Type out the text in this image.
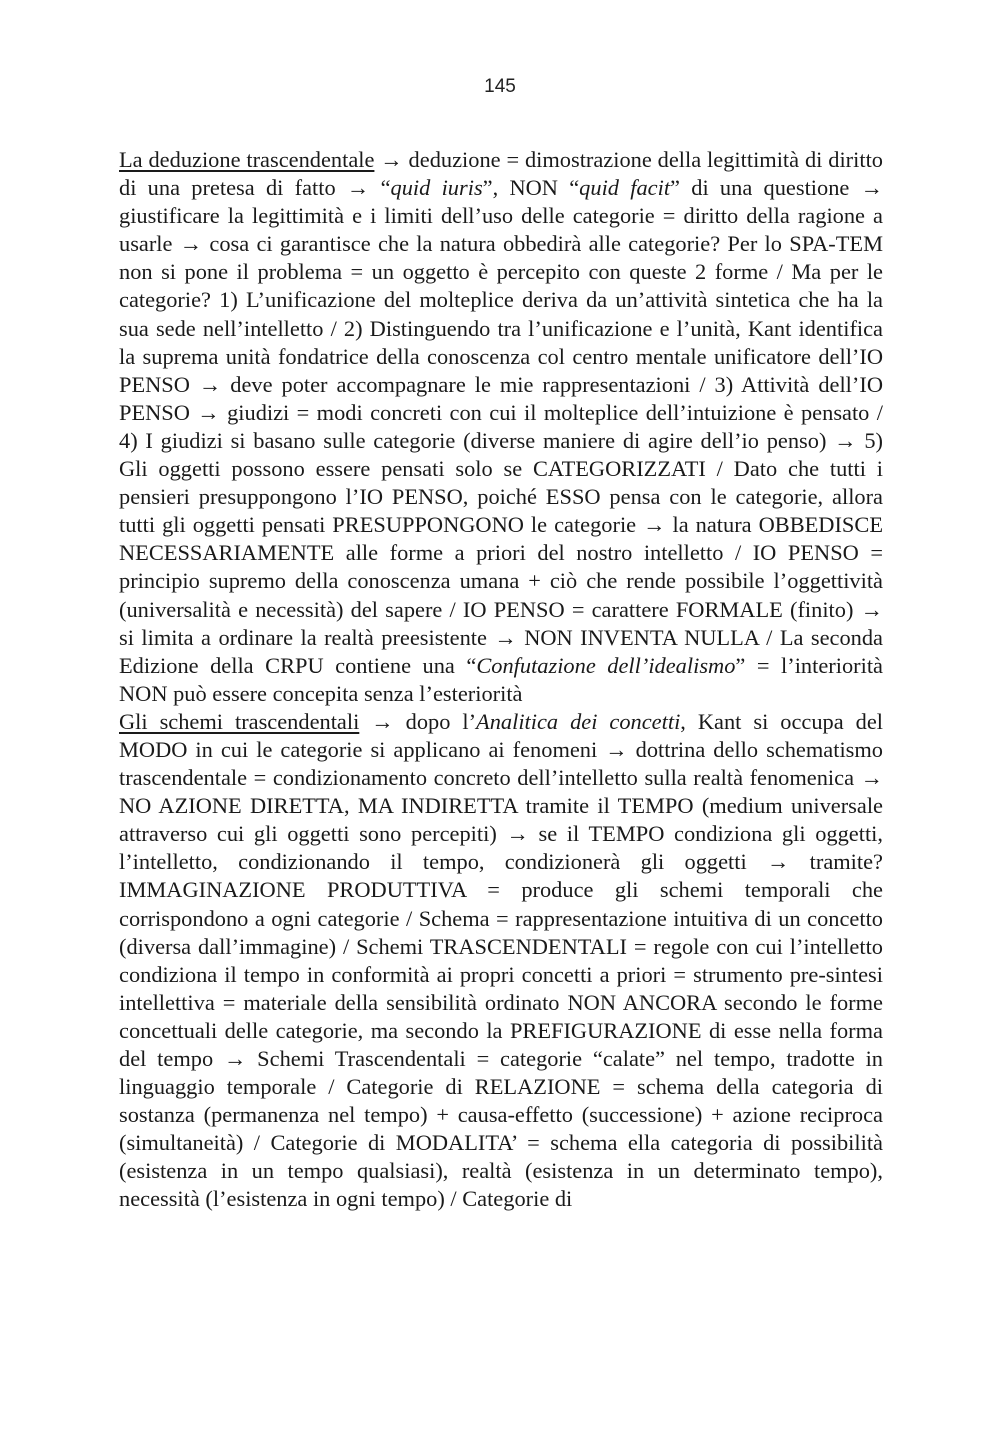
145

La deduzione trascendentale → deduzione = dimostrazione della legittimità di diritto di una pretesa di fatto → “quid iuris”, NON “quid facit” di una questione → giustificare la legittimità e i limiti dell’uso delle categorie = diritto della ragione a usarle → cosa ci garantisce che la natura obbedirà alle categorie? Per lo SPA-TEM non si pone il problema = un oggetto è percepito con queste 2 forme / Ma per le categorie? 1) L’unificazione del molteplice deriva da un’attività sintetica che ha la sua sede nell’intelletto / 2) Distinguendo tra l’unificazione e l’unità, Kant identifica la suprema unità fondatrice della conoscenza col centro mentale unificatore dell’IO PENSO → deve poter accompagnare le mie rappresentazioni / 3) Attività dell’IO PENSO → giudizi = modi concreti con cui il molteplice dell’intuizione è pensato / 4) I giudizi si basano sulle categorie (diverse maniere di agire dell’io penso) → 5) Gli oggetti possono essere pensati solo se CATEGORIZZATI / Dato che tutti i pensieri presuppongono l’IO PENSO, poiché ESSO pensa con le categorie, allora tutti gli oggetti pensati PRESUPPONGONO le categorie → la natura OBBEDISCE NECESSARIAMENTE alle forme a priori del nostro intelletto / IO PENSO = principio supremo della conoscenza umana + ciò che rende possibile l’oggettività (universalità e necessità) del sapere / IO PENSO = carattere FORMALE (finito) → si limita a ordinare la realtà preesistente → NON INVENTA NULLA / La seconda Edizione della CRPU contiene una “Confutazione dell’idealismo” = l’interiorità NON può essere concepita senza l’esteriorità

Gli schemi trascendentali → dopo l’Analitica dei concetti, Kant si occupa del MODO in cui le categorie si applicano ai fenomeni → dottrina dello schematismo trascendentale = condizionamento concreto dell’intelletto sulla realtà fenomenica → NO AZIONE DIRETTA, MA INDIRETTA tramite il TEMPO (medium universale attraverso cui gli oggetti sono percepiti) → se il TEMPO condiziona gli oggetti, l’intelletto, condizionando il tempo, condizionerà gli oggetti → tramite? IMMAGINAZIONE PRODUTTIVA = produce gli schemi temporali che corrispondono a ogni categorie / Schema = rappresentazione intuitiva di un concetto (diversa dall’immagine) / Schemi TRASCENDENTALI = regole con cui l’intelletto condiziona il tempo in conformità ai propri concetti a priori = strumento pre-sintesi intellettiva = materiale della sensibilità ordinato NON ANCORA secondo le forme concettuali delle categorie, ma secondo la PREFIGURAZIONE di esse nella forma del tempo → Schemi Trascendentali = categorie “calate” nel tempo, tradotte in linguaggio temporale / Categorie di RELAZIONE = schema della categoria di sostanza (permanenza nel tempo) + causa-effetto (successione) + azione reciproca (simultaneità) / Categorie di MODALITA’ = schema ella categoria di possibilità (esistenza in un tempo qualsiasi), realtà (esistenza in un determinato tempo), necessità (l’esistenza in ogni tempo) / Categorie di
